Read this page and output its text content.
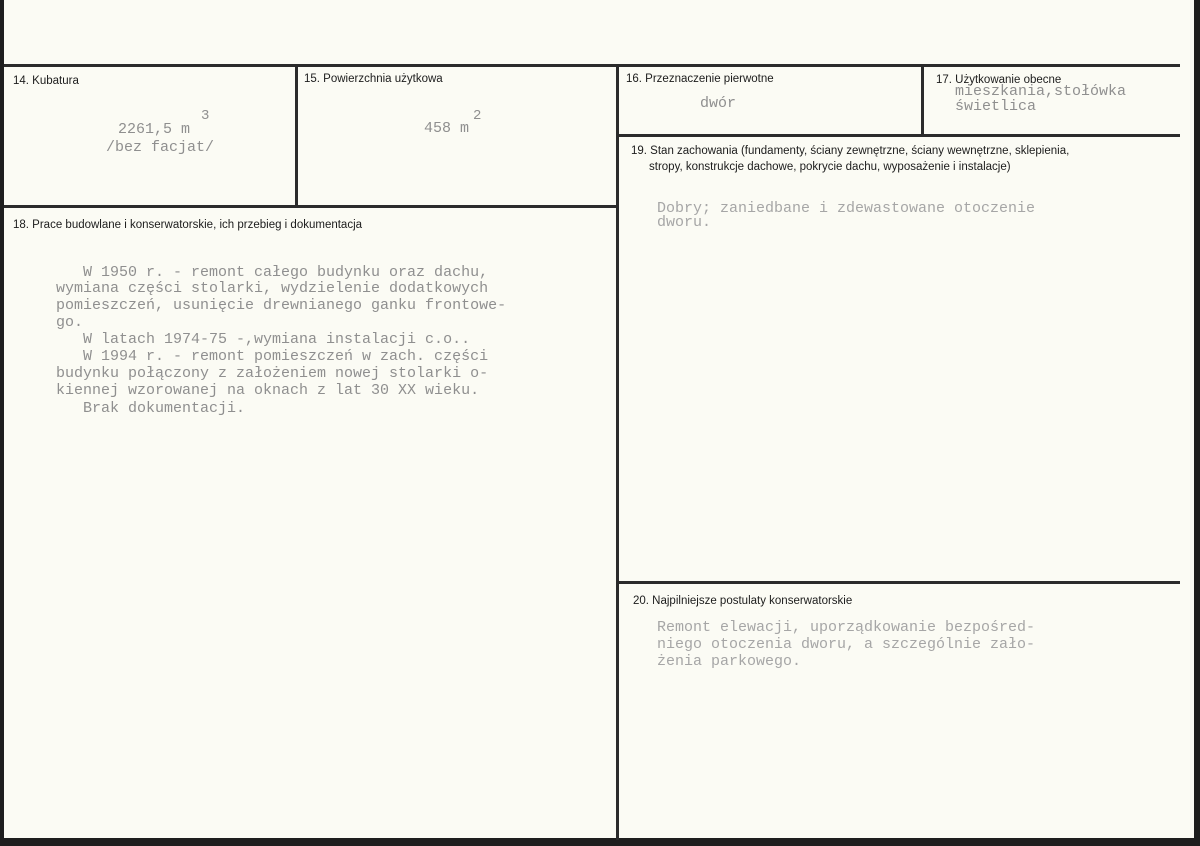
14. Kubatura
2261,5 m
3
/bez facjat/
15. Powierzchnia użytkowa
458 m
2
16. Przeznaczenie pierwotne
dwór
17. Użytkowanie obecne
mieszkania,stołówka
świetlica
18. Prace budowlane i konserwatorskie, ich przebieg i dokumentacja
W 1950 r. - remont całego budynku oraz dachu,
wymiana części stolarki, wydzielenie dodatkowych
pomieszczeń, usunięcie drewnianego ganku frontowe-
go.
W latach 1974-75 -,wymiana instalacji c.o..
W 1994 r. - remont pomieszczeń w zach. części
budynku połączony z założeniem nowej stolarki o-
kiennej wzorowanej na oknach z lat 30 XX wieku.
Brak dokumentacji.
19. Stan zachowania (fundamenty, ściany zewnętrzne, ściany wewnętrzne, sklepienia,
stropy, konstrukcje dachowe, pokrycie dachu, wyposażenie i instalacje)
Dobry; zaniedbane i zdewastowane otoczenie
dworu.
20. Najpilniejsze postulaty konserwatorskie
Remont elewacji, uporządkowanie bezpośred-
niego otoczenia dworu, a szczególnie zało-
żenia parkowego.
